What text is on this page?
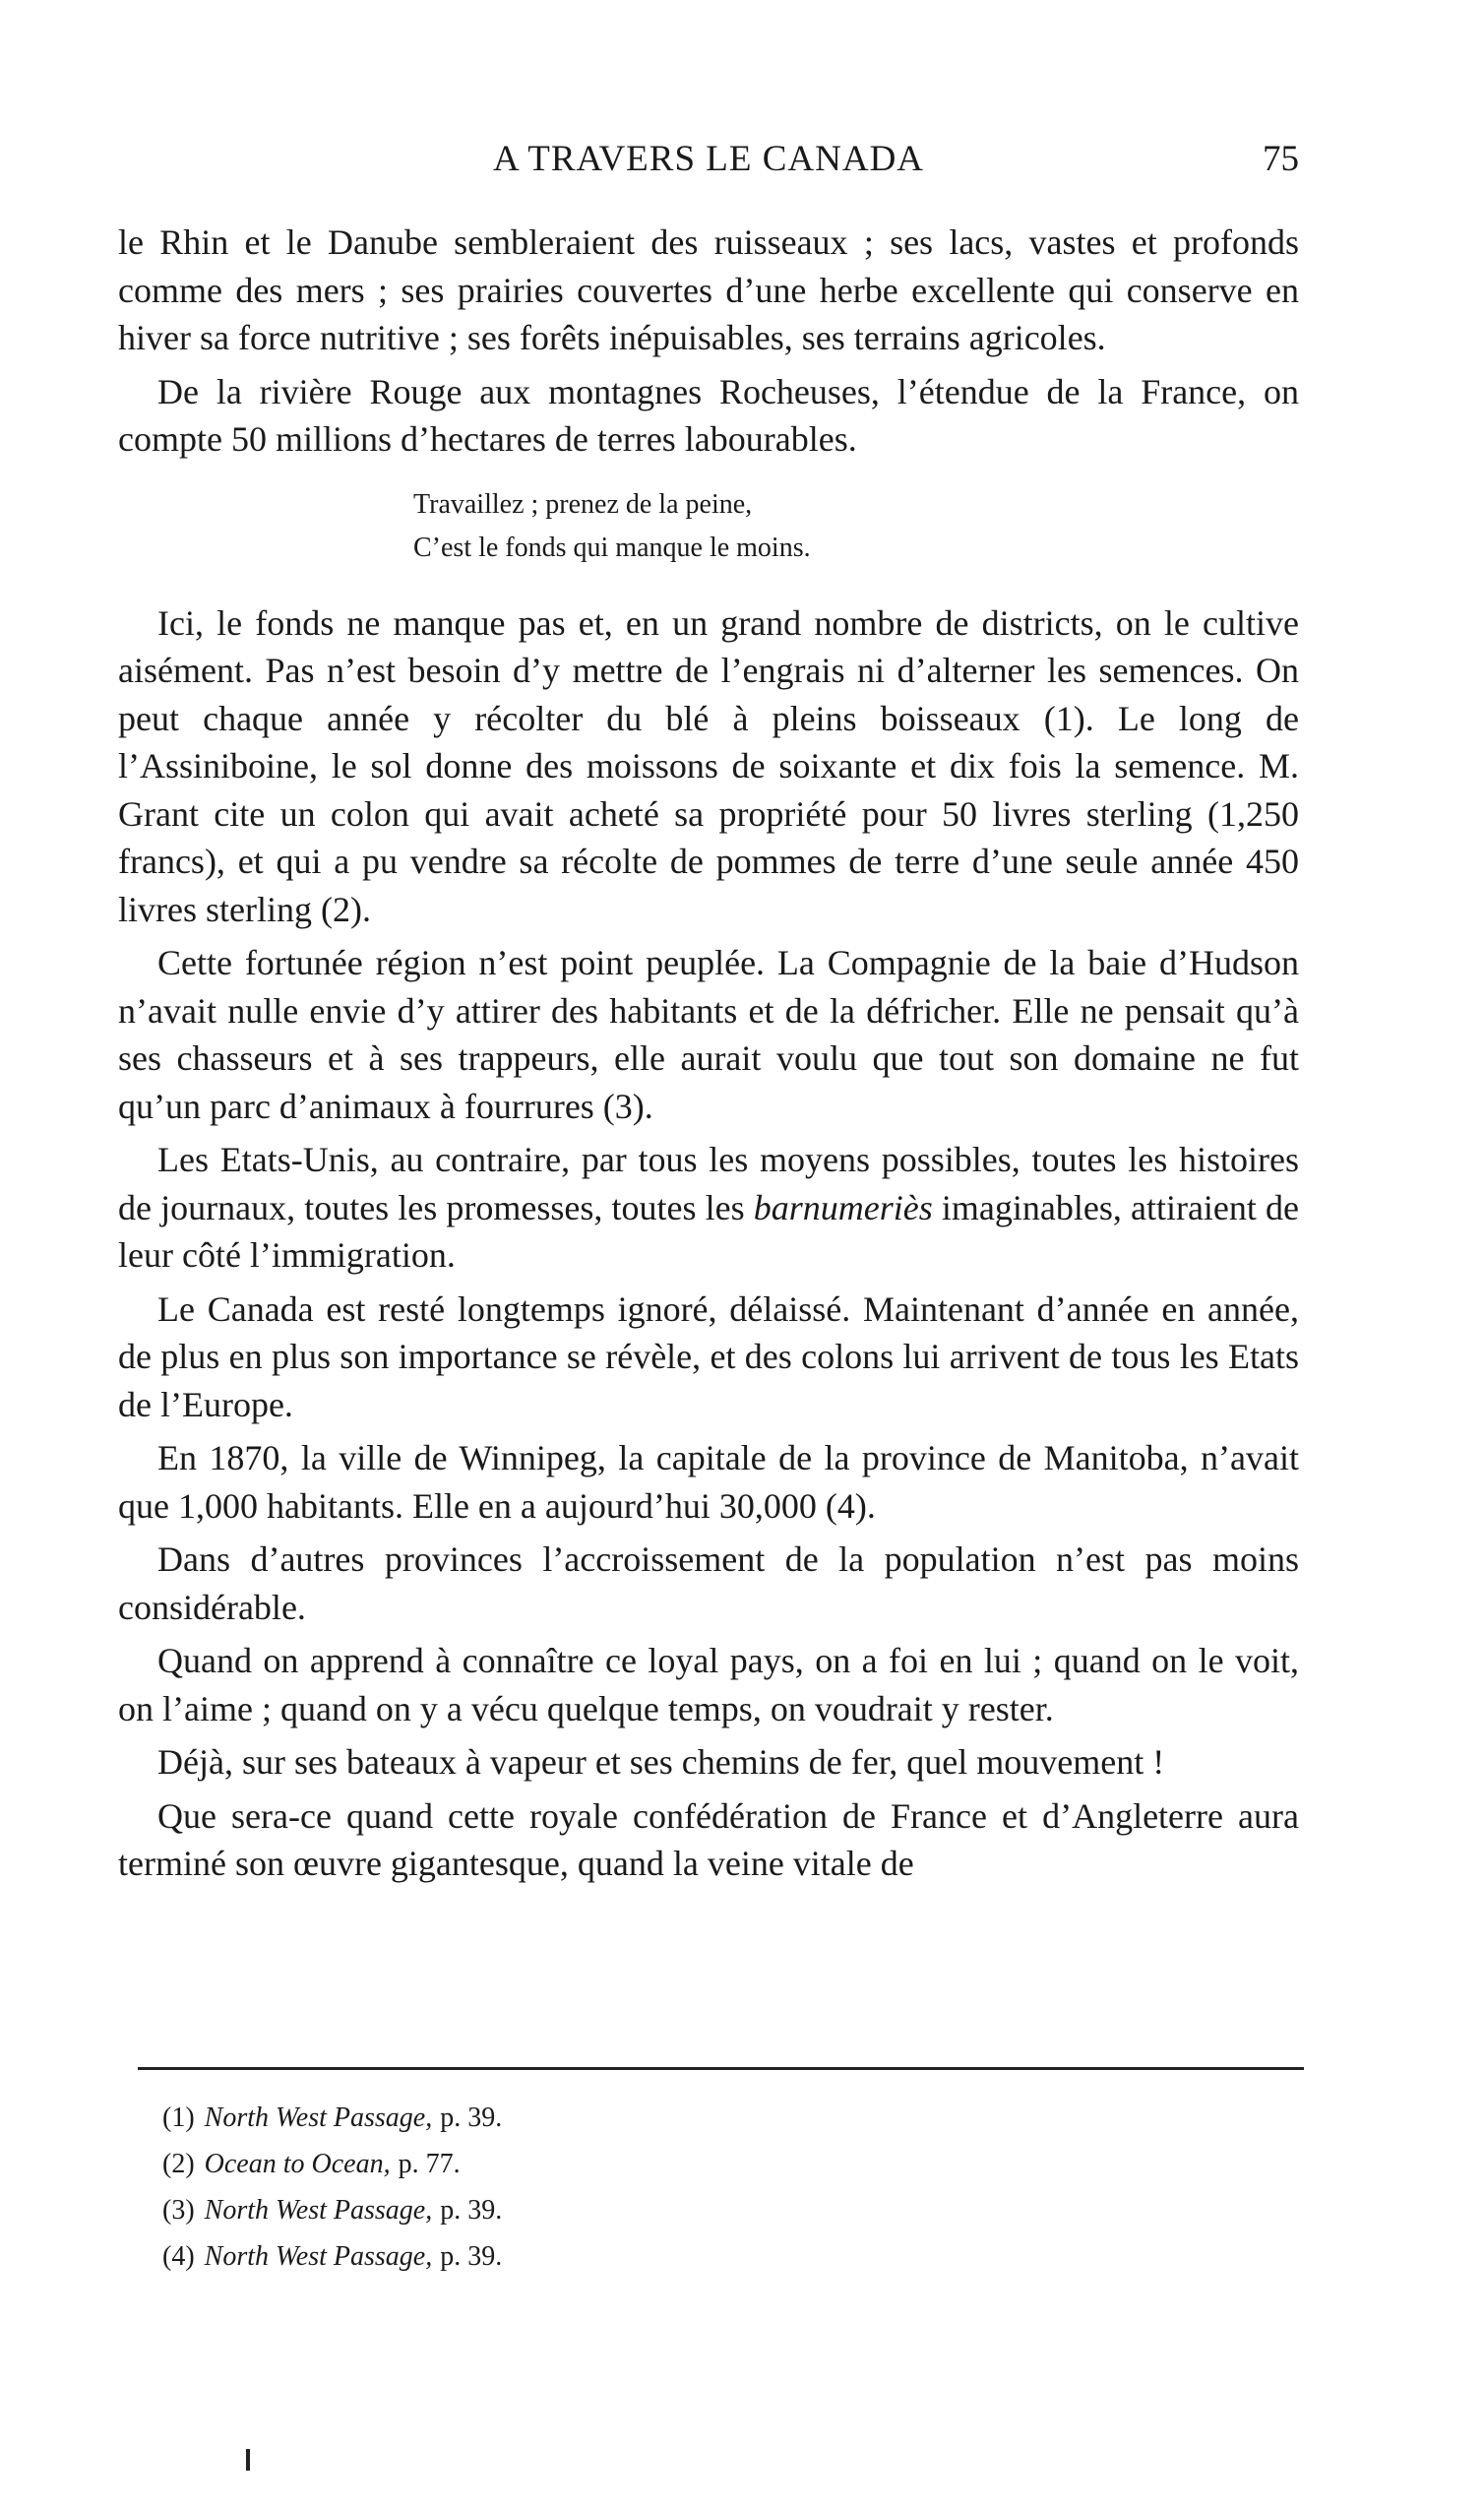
A TRAVERS LE CANADA	75

le Rhin et le Danube sembleraient des ruisseaux ; ses lacs, vastes et profonds comme des mers ; ses prairies couvertes d’une herbe excellente qui conserve en hiver sa force nutritive ; ses forêts inépuisables, ses terrains agricoles.

De la rivière Rouge aux montagnes Rocheuses, l’étendue de la France, on compte 50 millions d’hectares de terres labourables.

Travaillez ; prenez de la peine,
C’est le fonds qui manque le moins.

Ici, le fonds ne manque pas et, en un grand nombre de districts, on le cultive aisément. Pas n’est besoin d’y mettre de l’engrais ni d’alterner les semences. On peut chaque année y récolter du blé à pleins boisseaux (1). Le long de l’Assiniboine, le sol donne des moissons de soixante et dix fois la semence. M. Grant cite un colon qui avait acheté sa propriété pour 50 livres sterling (1,250 francs), et qui a pu vendre sa récolte de pommes de terre d’une seule année 450 livres sterling (2).

Cette fortunée région n’est point peuplée. La Compagnie de la baie d’Hudson n’avait nulle envie d’y attirer des habitants et de la défricher. Elle ne pensait qu’à ses chasseurs et à ses trappeurs, elle aurait voulu que tout son domaine ne fut qu’un parc d’animaux à fourrures (3).

Les Etats-Unis, au contraire, par tous les moyens possibles, toutes les histoires de journaux, toutes les promesses, toutes les barnumeriès imaginables, attiraient de leur côté l’immigration.

Le Canada est resté longtemps ignoré, délaissé. Maintenant d’année en année, de plus en plus son importance se révèle, et des colons lui arrivent de tous les Etats de l’Europe.

En 1870, la ville de Winnipeg, la capitale de la province de Manitoba, n’avait que 1,000 habitants. Elle en a aujourd’hui 30,000 (4).

Dans d’autres provinces l’accroissement de la population n’est pas moins considérable.

Quand on apprend à connaître ce loyal pays, on a foi en lui ; quand on le voit, on l’aime ; quand on y a vécu quelque temps, on voudrait y rester.

Déjà, sur ses bateaux à vapeur et ses chemins de fer, quel mouvement !

Que sera-ce quand cette royale confédération de France et d’Angleterre aura terminé son œuvre gigantesque, quand la veine vitale de

(1) North West Passage, p. 39.
(2) Ocean to Ocean, p. 77.
(3) North West Passage, p. 39.
(4) North West Passage, p. 39.
